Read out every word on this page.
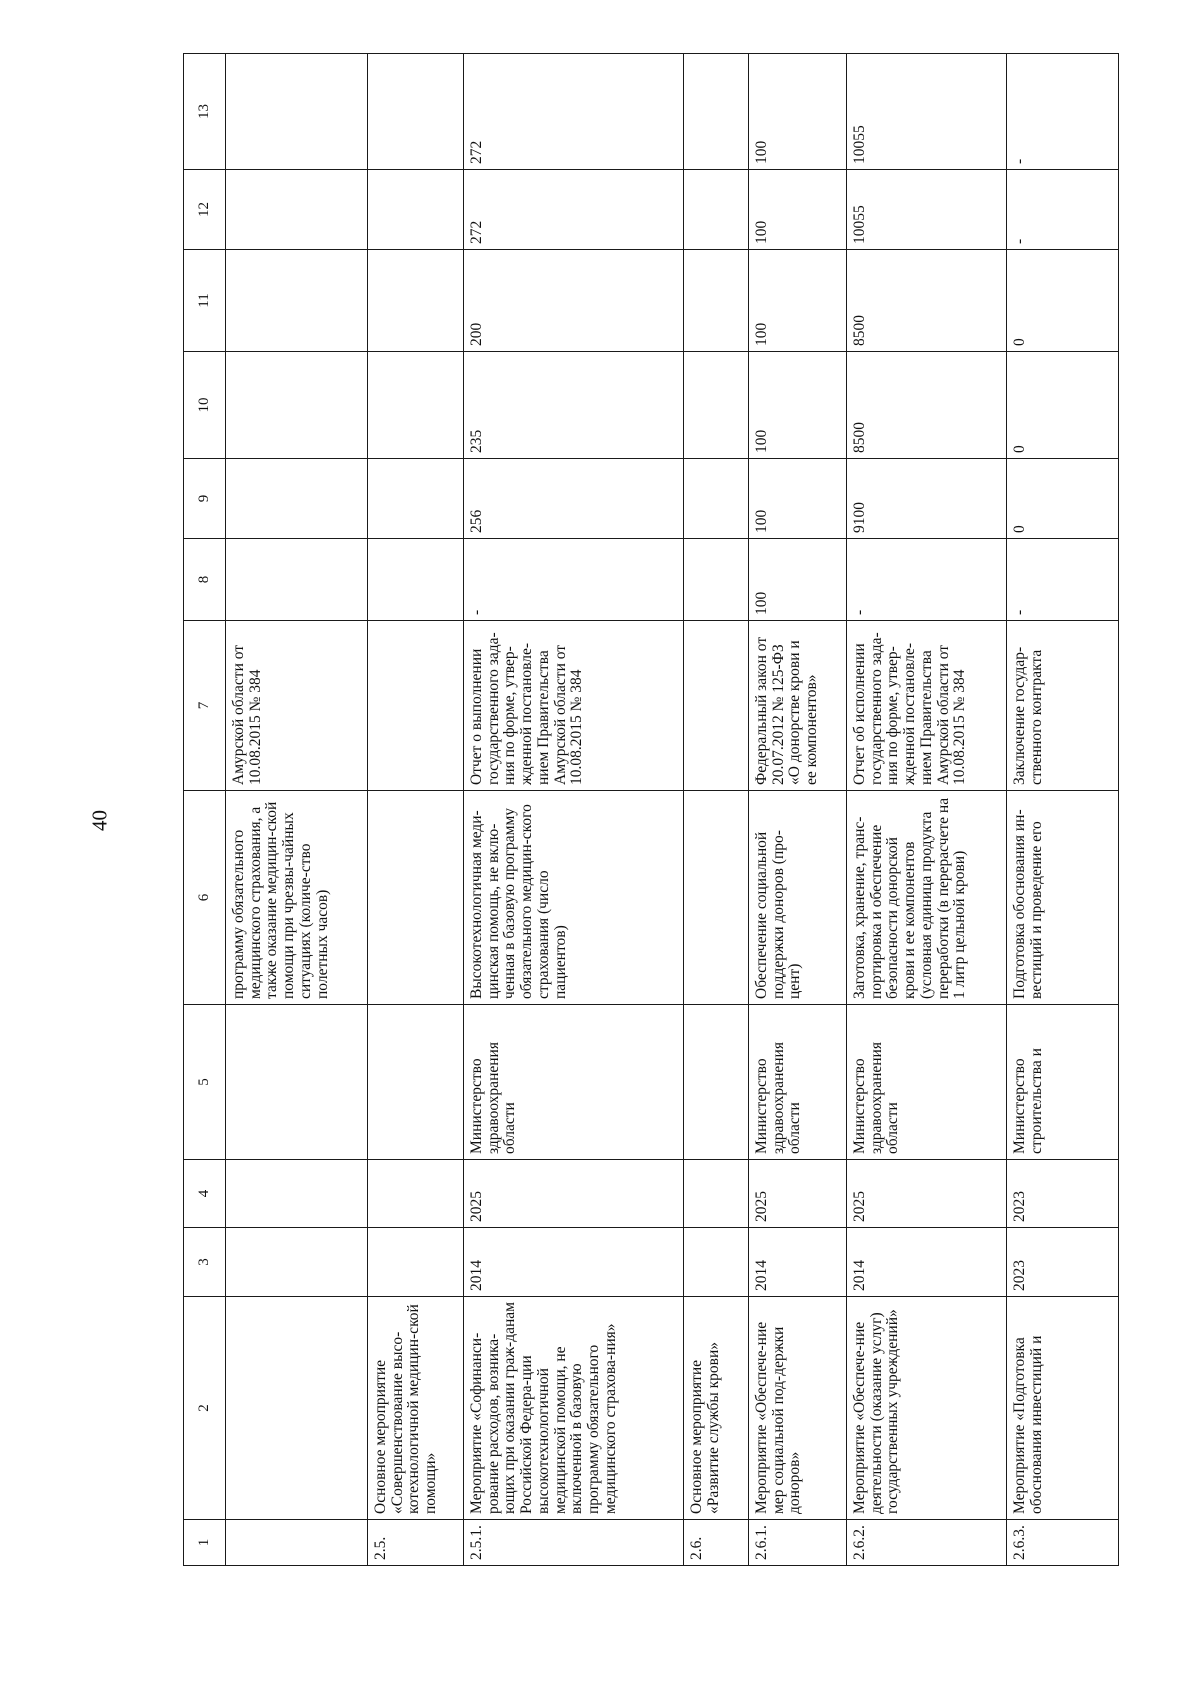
40
1	2	3	4	5	6	7	8	9	10	11	12	13
					программу обязательного медицинского страхования, а также оказание медицин-ской помощи при чрезвы-чайных ситуациях (количе-ство полетных часов)	Амурской области от 10.08.2015 № 384						
2.5.	Основное мероприятие «Совершенствование высо-котехнологичной медицин-ской помощи»											
2.5.1.	Мероприятие «Софинанси-рование расходов, возника-ющих при оказании граж-данам Российской Федера-ции высокотехнологичной медицинской помощи, не включенной в базовую программу обязательного медицинского страхова-ния»	2014	2025	Министерство здравоохранения области	Высокотехнологичная меди-цинская помощь, не вклю-ченная в базовую программу обязательного медицин-ского страхования (число пациентов)	Отчет о выполнении государственного зада-ния по форме, утвер-жденной постановле-нием Правительства Амурской области от 10.08.2015 № 384	-	256	235	200	272	272
2.6.	Основное мероприятие «Развитие службы крови»											
2.6.1.	Мероприятие «Обеспече-ние мер социальной под-держки доноров»	2014	2025	Министерство здравоохранения области	Обеспечение социальной поддержки доноров (про-цент)	Федеральный закон от 20.07.2012 № 125-ФЗ «О донорстве крови и ее компонентов»	100	100	100	100	100	100
2.6.2.	Мероприятие «Обеспече-ние деятельности (оказание услуг) государственных учреждений»	2014	2025	Министерство здравоохранения области	Заготовка, хранение, транс-портировка и обеспечение безопасности донорской крови и ее компонентов (условная единица продукта переработки (в перерасчете на 1 литр цельной крови)	Отчет об исполнении государственного зада-ния по форме, утвер-жденной постановле-нием Правительства Амурской области от 10.08.2015 № 384	-	9100	8500	8500	10055	10055
2.6.3.	Мероприятие «Подготовка обоснования инвестиций и	2023	2023	Министерство строительства и	Подготовка обоснования ин-вестиций и проведение его	Заключение государ-ственного контракта	-	0	0	0	-	-
